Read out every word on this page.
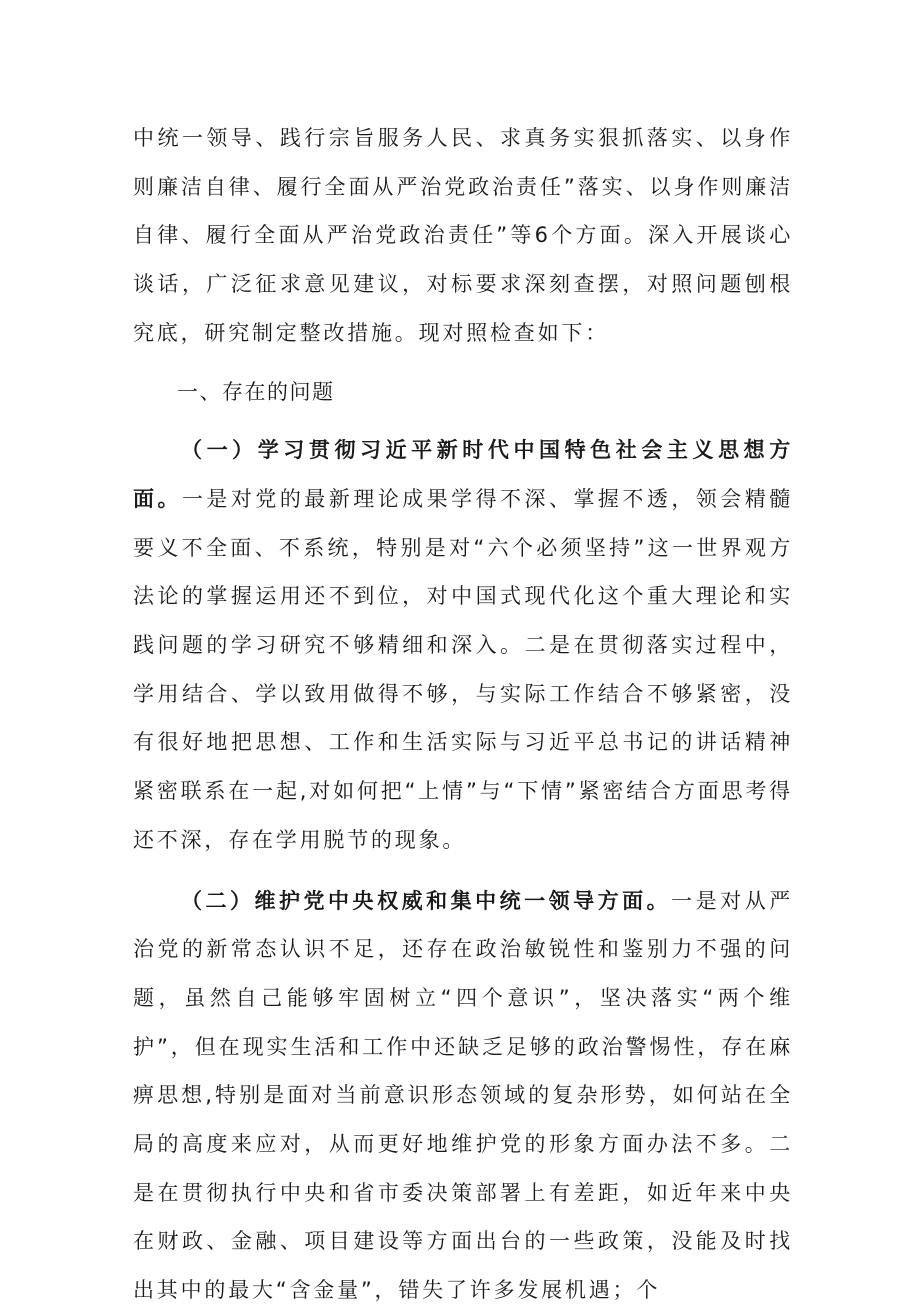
中统一领导、践行宗旨服务人民、求真务实狠抓落实、以身作则廉洁自律、履行全面从严治党政治责任”落实、以身作则廉洁自律、履行全面从严治党政治责任”等6个方面。深入开展谈心谈话，广泛征求意见建议，对标要求深刻查摆，对照问题刨根究底，研究制定整改措施。现对照检查如下：

一、存在的问题

（一）学习贯彻习近平新时代中国特色社会主义思想方面。一是对党的最新理论成果学得不深、掌握不透，领会精髓要义不全面、不系统，特别是对“六个必须坚持”这一世界观方法论的掌握运用还不到位，对中国式现代化这个重大理论和实践问题的学习研究不够精细和深入。二是在贯彻落实过程中，学用结合、学以致用做得不够，与实际工作结合不够紧密，没有很好地把思想、工作和生活实际与习近平总书记的讲话精神紧密联系在一起,对如何把“上情”与“下情”紧密结合方面思考得还不深，存在学用脱节的现象。

（二）维护党中央权威和集中统一领导方面。一是对从严治党的新常态认识不足，还存在政治敏锐性和鉴别力不强的问题，虽然自己能够牢固树立“四个意识”，坚决落实“两个维护”，但在现实生活和工作中还缺乏足够的政治警惕性，存在麻痹思想,特别是面对当前意识形态领域的复杂形势，如何站在全局的高度来应对，从而更好地维护党的形象方面办法不多。二是在贯彻执行中央和省市委决策部署上有差距，如近年来中央在财政、金融、项目建设等方面出台的一些政策，没能及时找出其中的最大“含金量”，错失了许多发展机遇；个
